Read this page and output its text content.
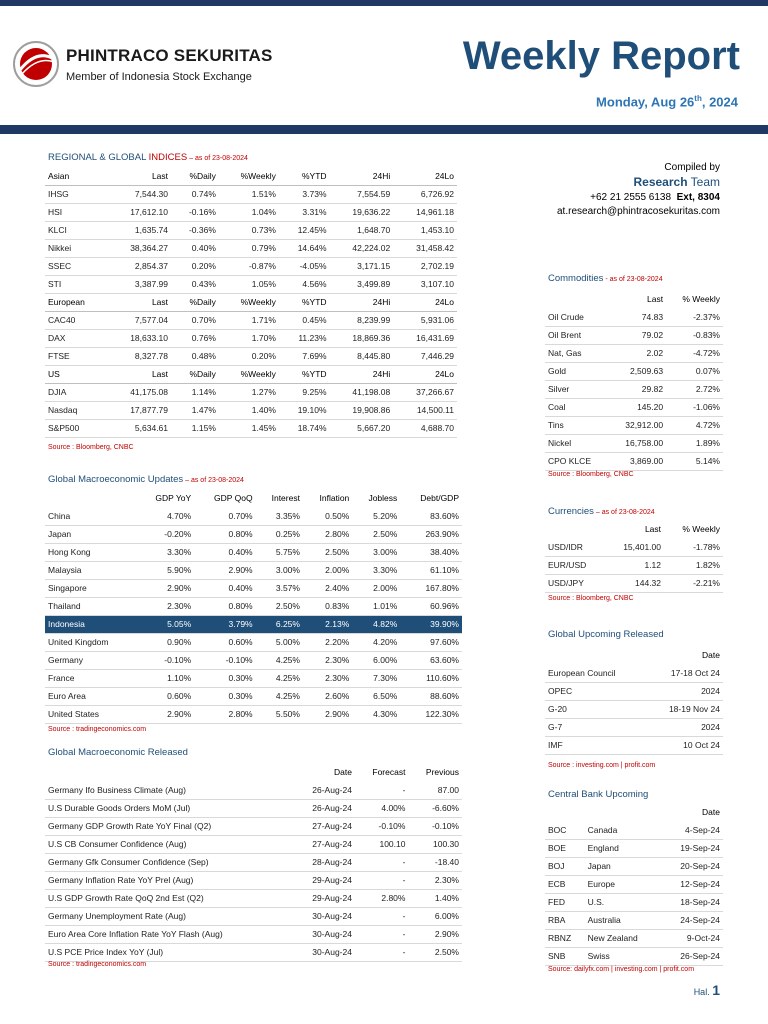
PHINTRACO SEKURITAS
Member of Indonesia Stock Exchange	Weekly Report
Monday, Aug 26th, 2024
REGIONAL & GLOBAL INDICES – as of 23-08-2024
Asian	Last	%Daily	%Weekly	%YTD	24Hi	24Lo
IHSG	7,544.30	0.74%	1.51%	3.73%	7,554.59	6,726.92
HSI	17,612.10	-0.16%	1.04%	3.31%	19,636.22	14,961.18
KLCI	1,635.74	-0.36%	0.73%	12.45%	1,648.70	1,453.10
Nikkei	38,364.27	0.40%	0.79%	14.64%	42,224.02	31,458.42
SSEC	2,854.37	0.20%	-0.87%	-4.05%	3,171.15	2,702.19
STI	3,387.99	0.43%	1.05%	4.56%	3,499.89	3,107.10
European	Last	%Daily	%Weekly	%YTD	24Hi	24Lo
CAC40	7,577.04	0.70%	1.71%	0.45%	8,239.99	5,931.06
DAX	18,633.10	0.76%	1.70%	11.23%	18,869.36	16,431.69
FTSE	8,327.78	0.48%	0.20%	7.69%	8,445.80	7,446.29
US	Last	%Daily	%Weekly	%YTD	24Hi	24Lo
DJIA	41,175.08	1.14%	1.27%	9.25%	41,198.08	37,266.67
Nasdaq	17,877.79	1.47%	1.40%	19.10%	19,908.86	14,500.11
S&P500	5,634.61	1.15%	1.45%	18.74%	5,667.20	4,688.70
Source : Bloomberg, CNBC
Global Macroeconomic Updates – as of 23-08-2024
	GDP YoY	GDP QoQ	Interest	Inflation	Jobless	Debt/GDP
China	4.70%	0.70%	3.35%	0.50%	5.20%	83.60%
Japan	-0.20%	0.80%	0.25%	2.80%	2.50%	263.90%
Hong Kong	3.30%	0.40%	5.75%	2.50%	3.00%	38.40%
Malaysia	5.90%	2.90%	3.00%	2.00%	3.30%	61.10%
Singapore	2.90%	0.40%	3.57%	2.40%	2.00%	167.80%
Thailand	2.30%	0.80%	2.50%	0.83%	1.01%	60.96%
Indonesia	5.05%	3.79%	6.25%	2.13%	4.82%	39.90%
United Kingdom	0.90%	0.60%	5.00%	2.20%	4.20%	97.60%
Germany	-0.10%	-0.10%	4.25%	2.30%	6.00%	63.60%
France	1.10%	0.30%	4.25%	2.30%	7.30%	110.60%
Euro Area	0.60%	0.30%	4.25%	2.60%	6.50%	88.60%
United States	2.90%	2.80%	5.50%	2.90%	4.30%	122.30%
Source : tradingeconomics.com
Global Macroeconomic Released
	Date	Forecast	Previous
Germany Ifo Business Climate (Aug)	26-Aug-24	-	87.00
U.S Durable Goods Orders MoM (Jul)	26-Aug-24	4.00%	-6.60%
Germany GDP Growth Rate YoY Final (Q2)	27-Aug-24	-0.10%	-0.10%
U.S CB Consumer Confidence (Aug)	27-Aug-24	100.10	100.30
Germany Gfk Consumer Confidence (Sep)	28-Aug-24	-	-18.40
Germany Inflation Rate YoY Prel (Aug)	29-Aug-24	-	2.30%
U.S GDP Growth Rate QoQ 2nd Est (Q2)	29-Aug-24	2.80%	1.40%
Germany Unemployment Rate (Aug)	30-Aug-24	-	6.00%
Euro Area Core Inflation Rate YoY Flash (Aug)	30-Aug-24	-	2.90%
U.S PCE Price Index YoY (Jul)	30-Aug-24	-	2.50%
Source : tradingeconomics.com
Compiled by
Research Team
+62 21 2555 6138 Ext, 8304
at.research@phintracosekuritas.com
Commodities - as of 23-08-2024
	Last	% Weekly
Oil Crude	74.83	-2.37%
Oil Brent	79.02	-0.83%
Nat, Gas	2.02	-4.72%
Gold	2,509.63	0.07%
Silver	29.82	2.72%
Coal	145.20	-1.06%
Tins	32,912.00	4.72%
Nickel	16,758.00	1.89%
CPO KLCE	3,869.00	5.14%
Source : Bloomberg, CNBC
Currencies – as of 23-08-2024
	Last	% Weekly
USD/IDR	15,401.00	-1.78%
EUR/USD	1.12	1.82%
USD/JPY	144.32	-2.21%
Source : Bloomberg, CNBC
Global Upcoming Released
	Date
European Council	17-18 Oct 24
OPEC	2024
G-20	18-19 Nov 24
G-7	2024
IMF	10 Oct 24
Source : investing.com | profit.com
Central Bank Upcoming
		Date
BOC	Canada	4-Sep-24
BOE	England	19-Sep-24
BOJ	Japan	20-Sep-24
ECB	Europe	12-Sep-24
FED	U.S.	18-Sep-24
RBA	Australia	24-Sep-24
RBNZ	New Zealand	9-Oct-24
SNB	Swiss	26-Sep-24
Source: dailyfx.com | investing.com | profit.com
Hal. 1
